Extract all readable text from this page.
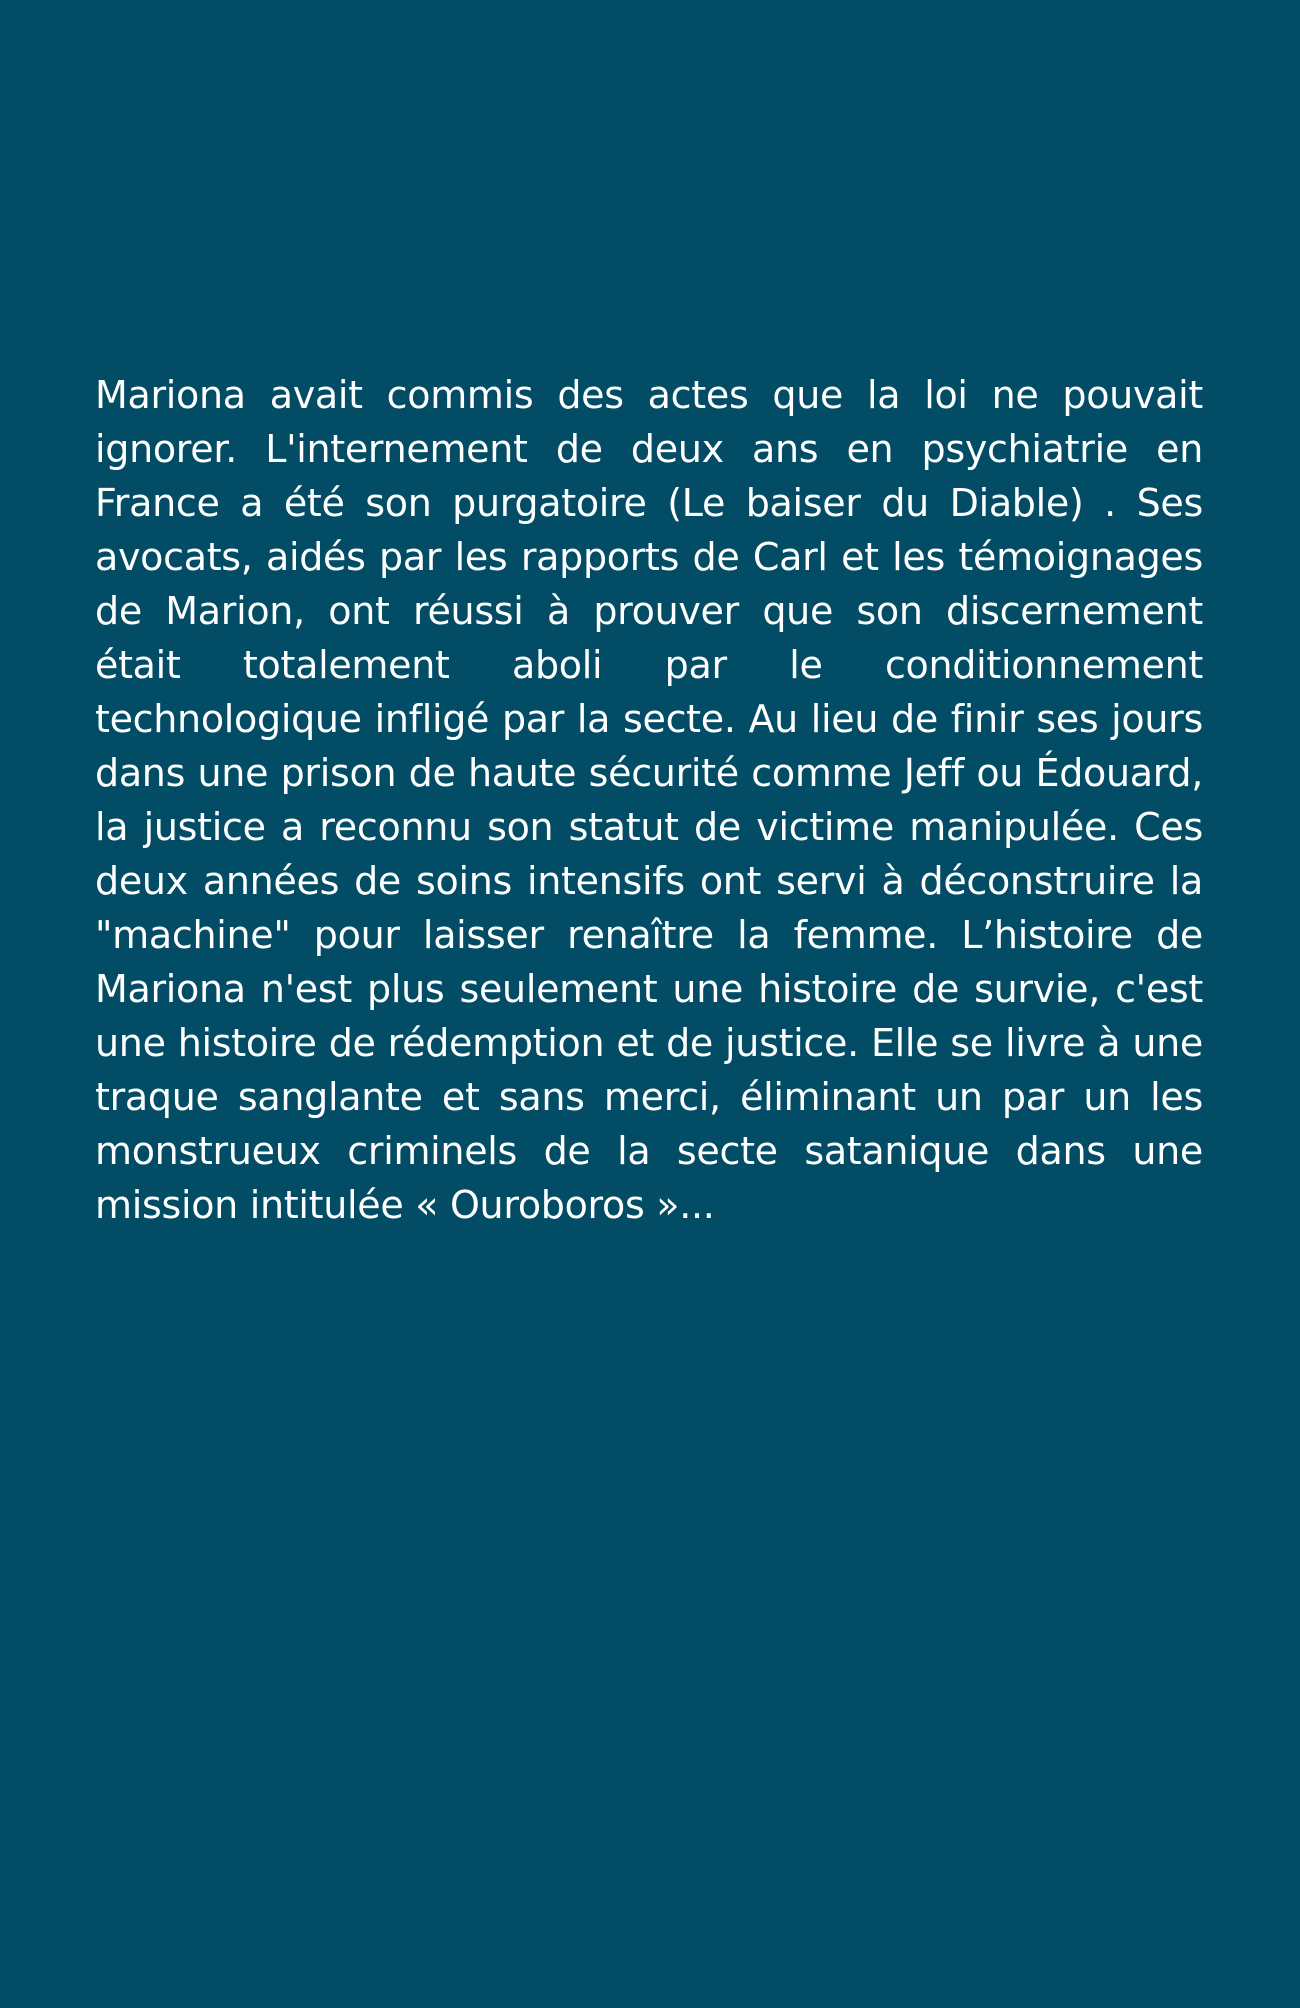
Mariona avait commis des actes que la loi ne pouvait ignorer. L'internement de deux ans en psychiatrie en France a été son purgatoire (Le baiser du Diable) . Ses avocats, aidés par les rapports de Carl et les témoignages de Marion, ont réussi à prouver que son discernement était totalement aboli par le conditionnement technologique infligé par la secte. Au lieu de finir ses jours dans une prison de haute sécurité comme Jeff ou Édouard, la justice a reconnu son statut de victime manipulée. Ces deux années de soins intensifs ont servi à déconstruire la "machine" pour laisser renaître la femme. L’histoire de Mariona n'est plus seulement une histoire de survie, c'est une histoire de rédemption et de justice. Elle se livre à une traque sanglante et sans merci, éliminant un par un les monstrueux criminels de la secte satanique dans une mission intitulée « Ouroboros »...
